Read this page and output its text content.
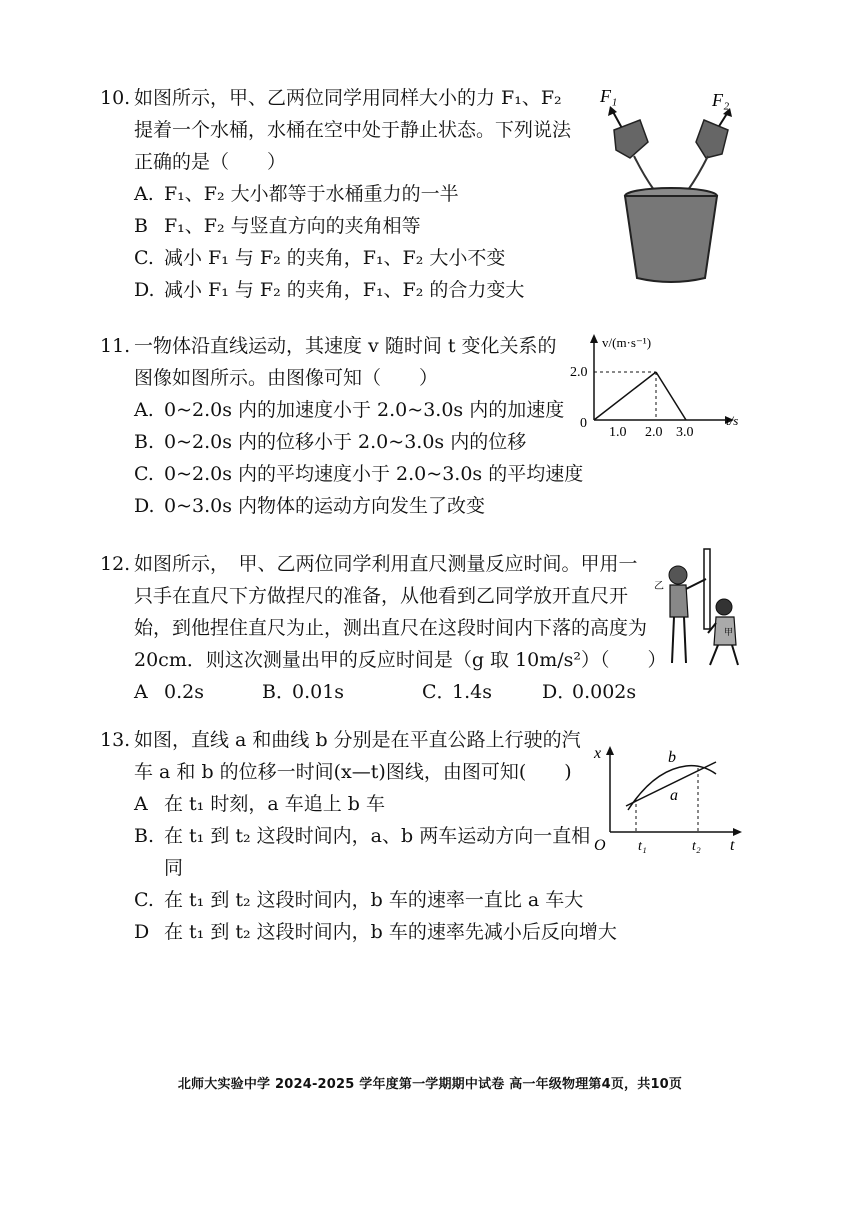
10. 如图所示，甲、乙两位同学用同样大小的力 F₁、F₂
提着一个水桶，水桶在空中处于静止状态。下列说法
正确的是（　　）
A. F₁、F₂ 大小都等于水桶重力的一半
B F₁、F₂ 与竖直方向的夹角相等
C. 减小 F₁ 与 F₂ 的夹角，F₁、F₂ 大小不变
D. 减小 F₁ 与 F₂ 的夹角，F₁、F₂ 的合力变大
F₁	F₂
11. 一物体沿直线运动，其速度 v 随时间 t 变化关系的
图像如图所示。由图像可知（　　）
A. 0~2.0s 内的加速度小于 2.0~3.0s 内的加速度
B. 0~2.0s 内的位移小于 2.0~3.0s 内的位移
C. 0~2.0s 内的平均速度小于 2.0~3.0s 的平均速度
D. 0~3.0s 内物体的运动方向发生了改变
v/(m·s⁻¹)
t/s
2.0
0
1.0 2.0 3.0
12. 如图所示，　甲、乙两位同学利用直尺测量反应时间。甲用一
只手在直尺下方做捏尺的准备，从他看到乙同学放开直尺开
始，到他捏住直尺为止，测出直尺在这段时间内下落的高度为
20cm．则这次测量出甲的反应时间是（g 取 10m/s²）（　　）
A 0.2s	B．0.01s	C．1.4s	D．0.002s
乙
甲
13. 如图，直线 a 和曲线 b 分别是在平直公路上行驶的汽
车 a 和 b 的位移一时间(x—t)图线，由图可知(　　)
A 在 t₁ 时刻，a 车追上 b 车
B. 在 t₁ 到 t₂ 这段时间内，a、b 两车运动方向一直相
同
C. 在 t₁ 到 t₂ 这段时间内，b 车的速率一直比 a 车大
D 在 t₁ 到 t₂ 这段时间内，b 车的速率先减小后反向增大
x
t
O t₁	t₂
a
b
北师大实验中学 2024-2025 学年度第一学期期中试卷 高一年级物理第4页，共10页
